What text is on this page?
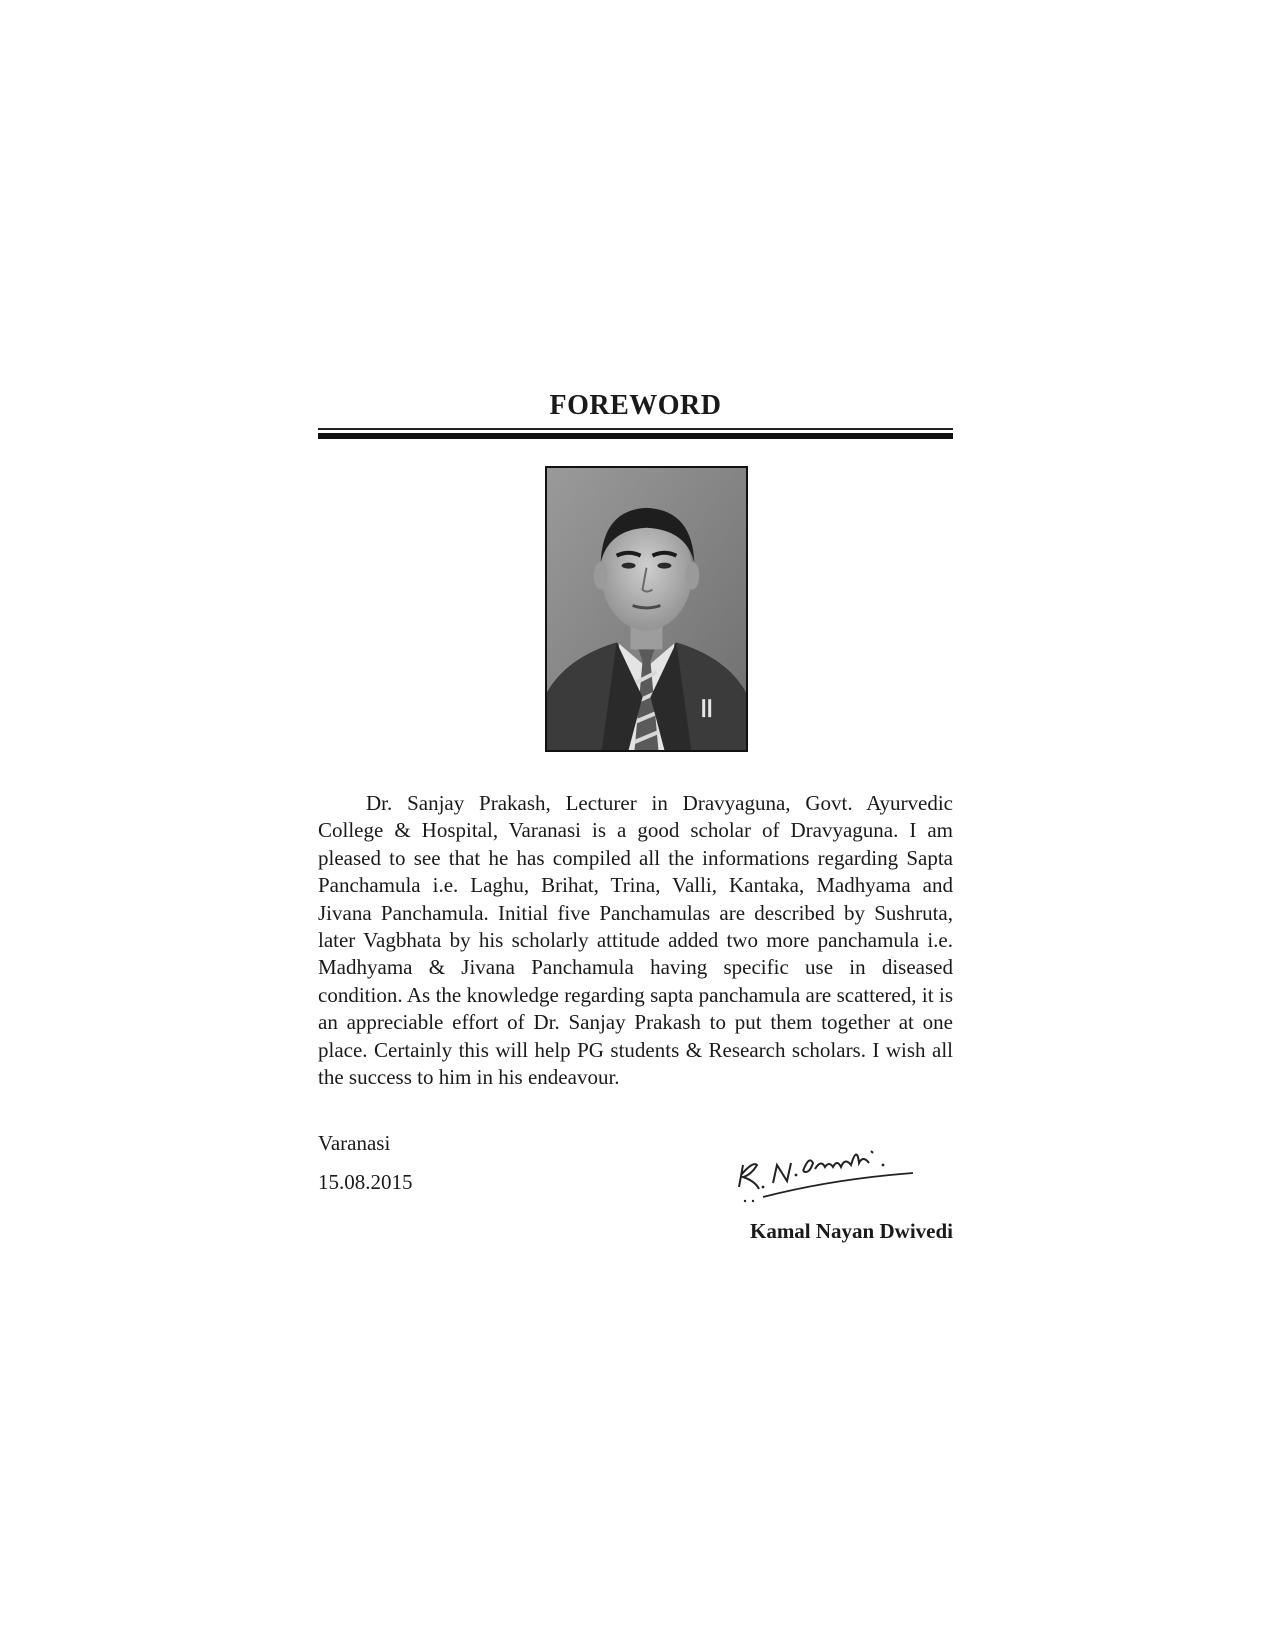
FOREWORD

Dr. Sanjay Prakash, Lecturer in Dravyaguna, Govt. Ayurvedic College & Hospital, Varanasi is a good scholar of Dravyaguna. I am pleased to see that he has compiled all the informations regarding Sapta Panchamula i.e. Laghu, Brihat, Trina, Valli, Kantaka, Madhyama and Jivana Panchamula. Initial five Panchamulas are described by Sushruta, later Vagbhata by his scholarly attitude added two more panchamula i.e. Madhyama & Jivana Panchamula having specific use in diseased condition. As the knowledge regarding sapta panchamula are scattered, it is an appreciable effort of Dr. Sanjay Prakash to put them together at one place. Certainly this will help PG students & Research scholars. I wish all the success to him in his endeavour.

Varanasi

15.08.2015

Kamal Nayan Dwivedi
